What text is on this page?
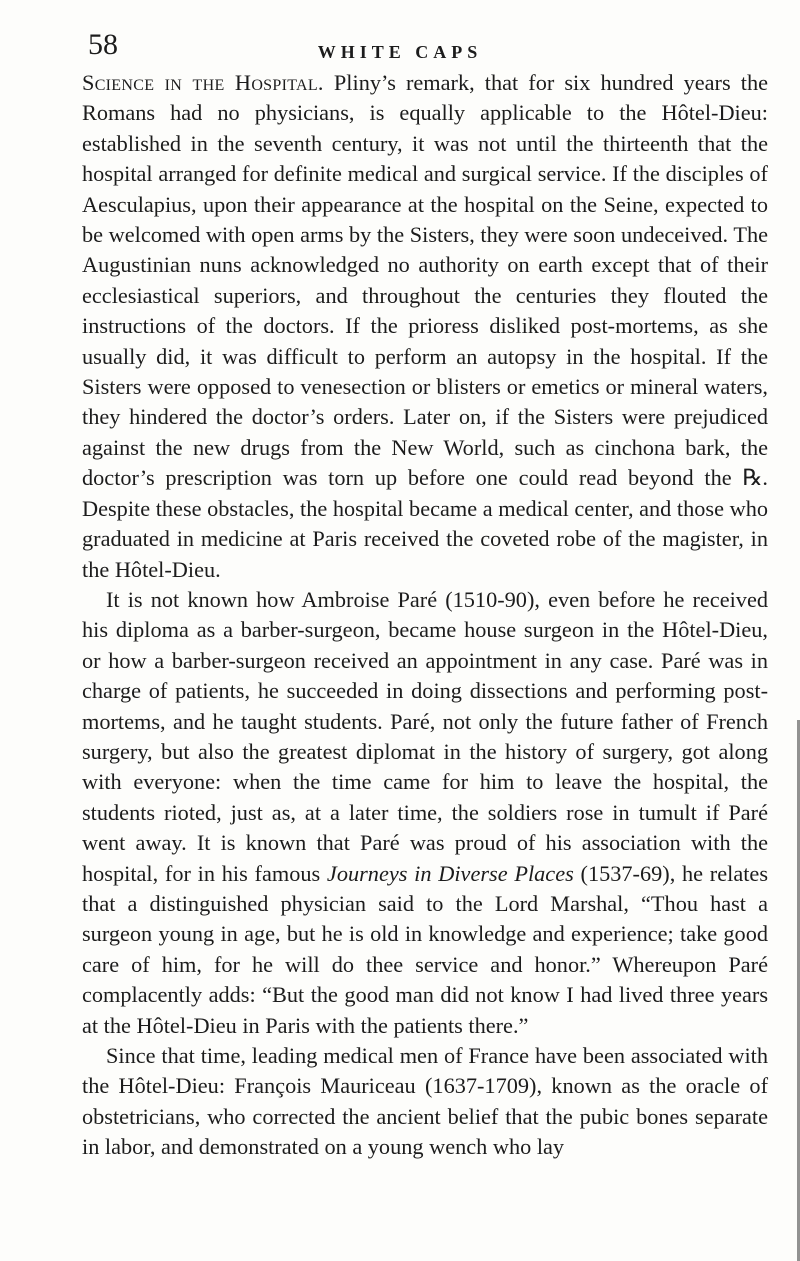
58	WHITE CAPS

Science in the Hospital. Pliny’s remark, that for six hundred years the Romans had no physicians, is equally applicable to the Hôtel-Dieu: established in the seventh century, it was not until the thirteenth that the hospital arranged for definite medical and surgical service. If the disciples of Aesculapius, upon their appearance at the hospital on the Seine, expected to be welcomed with open arms by the Sisters, they were soon undeceived. The Augustinian nuns acknowledged no authority on earth except that of their ecclesiastical superiors, and throughout the centuries they flouted the instructions of the doctors. If the prioress disliked post-mortems, as she usually did, it was difficult to perform an autopsy in the hospital. If the Sisters were opposed to venesection or blisters or emetics or mineral waters, they hindered the doctor’s orders. Later on, if the Sisters were prejudiced against the new drugs from the New World, such as cinchona bark, the doctor’s prescription was torn up before one could read beyond the ℞. Despite these obstacles, the hospital became a medical center, and those who graduated in medicine at Paris received the coveted robe of the magister, in the Hôtel-Dieu.

It is not known how Ambroise Paré (1510-90), even before he received his diploma as a barber-surgeon, became house surgeon in the Hôtel-Dieu, or how a barber-surgeon received an appointment in any case. Paré was in charge of patients, he succeeded in doing dissections and performing post-mortems, and he taught students. Paré, not only the future father of French surgery, but also the greatest diplomat in the history of surgery, got along with everyone: when the time came for him to leave the hospital, the students rioted, just as, at a later time, the soldiers rose in tumult if Paré went away. It is known that Paré was proud of his association with the hospital, for in his famous Journeys in Diverse Places (1537-69), he relates that a distinguished physician said to the Lord Marshal, “Thou hast a surgeon young in age, but he is old in knowledge and experience; take good care of him, for he will do thee service and honor.” Whereupon Paré complacently adds: “But the good man did not know I had lived three years at the Hôtel-Dieu in Paris with the patients there.”

Since that time, leading medical men of France have been associated with the Hôtel-Dieu: François Mauriceau (1637-1709), known as the oracle of obstetricians, who corrected the ancient belief that the pubic bones separate in labor, and demonstrated on a young wench who lay
